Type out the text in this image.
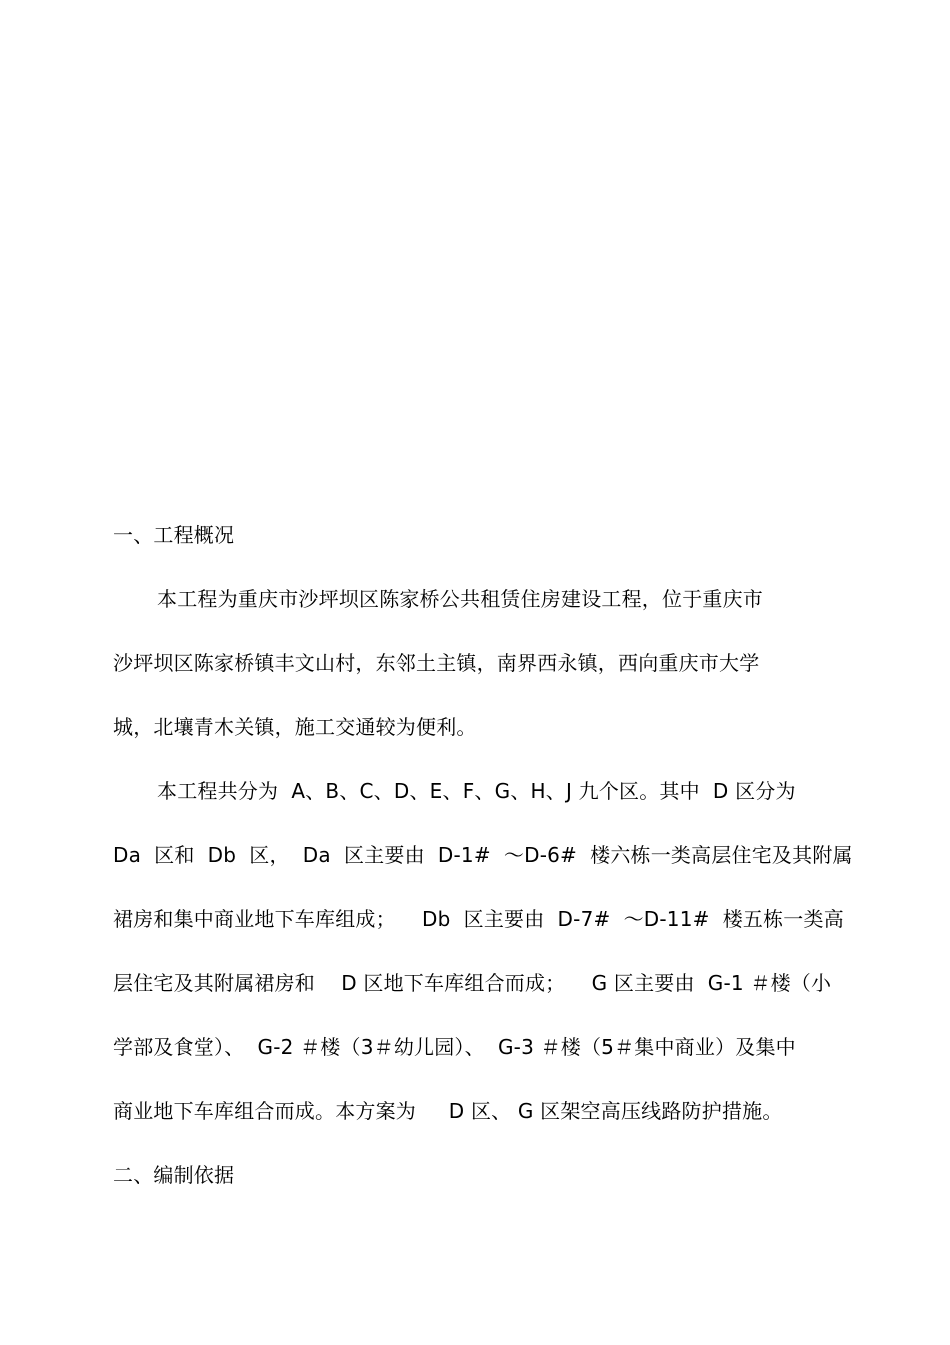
一、工程概况
本工程为重庆市沙坪坝区陈家桥公共租赁住房建设工程，位于重庆市
沙坪坝区陈家桥镇丰文山村，东邻土主镇，南界西永镇，西向重庆市大学
城，北壤青木关镇，施工交通较为便利。
本工程共分为  A、B、C、D、E、F、G、H、J 九个区。其中  D 区分为
Da  区和  Db  区，  Da  区主要由  D-1#  ～D-6#  楼六栋一类高层住宅及其附属
裙房和集中商业地下车库组成；    Db  区主要由  D-7#  ～D-11#  楼五栋一类高
层住宅及其附属裙房和    D 区地下车库组合而成；    G 区主要由  G-1 ＃楼（小
学部及食堂）、  G-2 ＃楼（3＃幼儿园）、  G-3 ＃楼（5＃集中商业）及集中
商业地下车库组合而成。本方案为     D 区、 G 区架空高压线路防护措施。
二、编制依据
